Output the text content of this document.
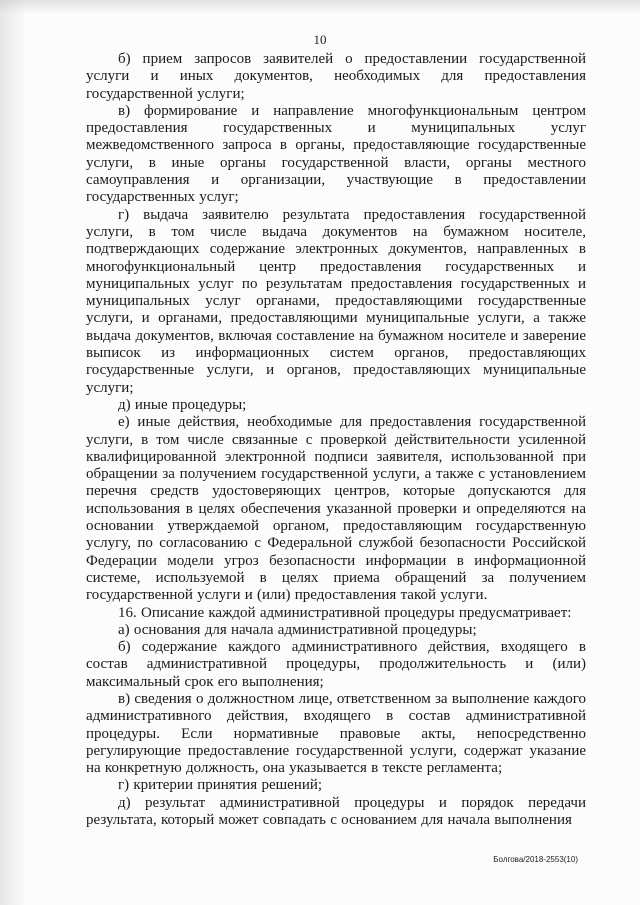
10

б) прием запросов заявителей о предоставлении государственной услуги и иных документов, необходимых для предоставления государственной услуги;

в) формирование и направление многофункциональным центром предоставления государственных и муниципальных услуг межведомственного запроса в органы, предоставляющие государственные услуги, в иные органы государственной власти, органы местного самоуправления и организации, участвующие в предоставлении государственных услуг;

г) выдача заявителю результата предоставления государственной услуги, в том числе выдача документов на бумажном носителе, подтверждающих содержание электронных документов, направленных в многофункциональный центр предоставления государственных и муниципальных услуг по результатам предоставления государственных и муниципальных услуг органами, предоставляющими государственные услуги, и органами, предоставляющими муниципальные услуги, а также выдача документов, включая составление на бумажном носителе и заверение выписок из информационных систем органов, предоставляющих государственные услуги, и органов, предоставляющих муниципальные услуги;

д) иные процедуры;

е) иные действия, необходимые для предоставления государственной услуги, в том числе связанные с проверкой действительности усиленной квалифицированной электронной подписи заявителя, использованной при обращении за получением государственной услуги, а также с установлением перечня средств удостоверяющих центров, которые допускаются для использования в целях обеспечения указанной проверки и определяются на основании утверждаемой органом, предоставляющим государственную услугу, по согласованию с Федеральной службой безопасности Российской Федерации модели угроз безопасности информации в информационной системе, используемой в целях приема обращений за получением государственной услуги и (или) предоставления такой услуги.

16. Описание каждой административной процедуры предусматривает:

а) основания для начала административной процедуры;

б) содержание каждого административного действия, входящего в состав административной процедуры, продолжительность и (или) максимальный срок его выполнения;

в) сведения о должностном лице, ответственном за выполнение каждого административного действия, входящего в состав административной процедуры. Если нормативные правовые акты, непосредственно регулирующие предоставление государственной услуги, содержат указание на конкретную должность, она указывается в тексте регламента;

г) критерии принятия решений;

д) результат административной процедуры и порядок передачи результата, который может совпадать с основанием для начала выполнения

Болгова/2018-2553(10)
